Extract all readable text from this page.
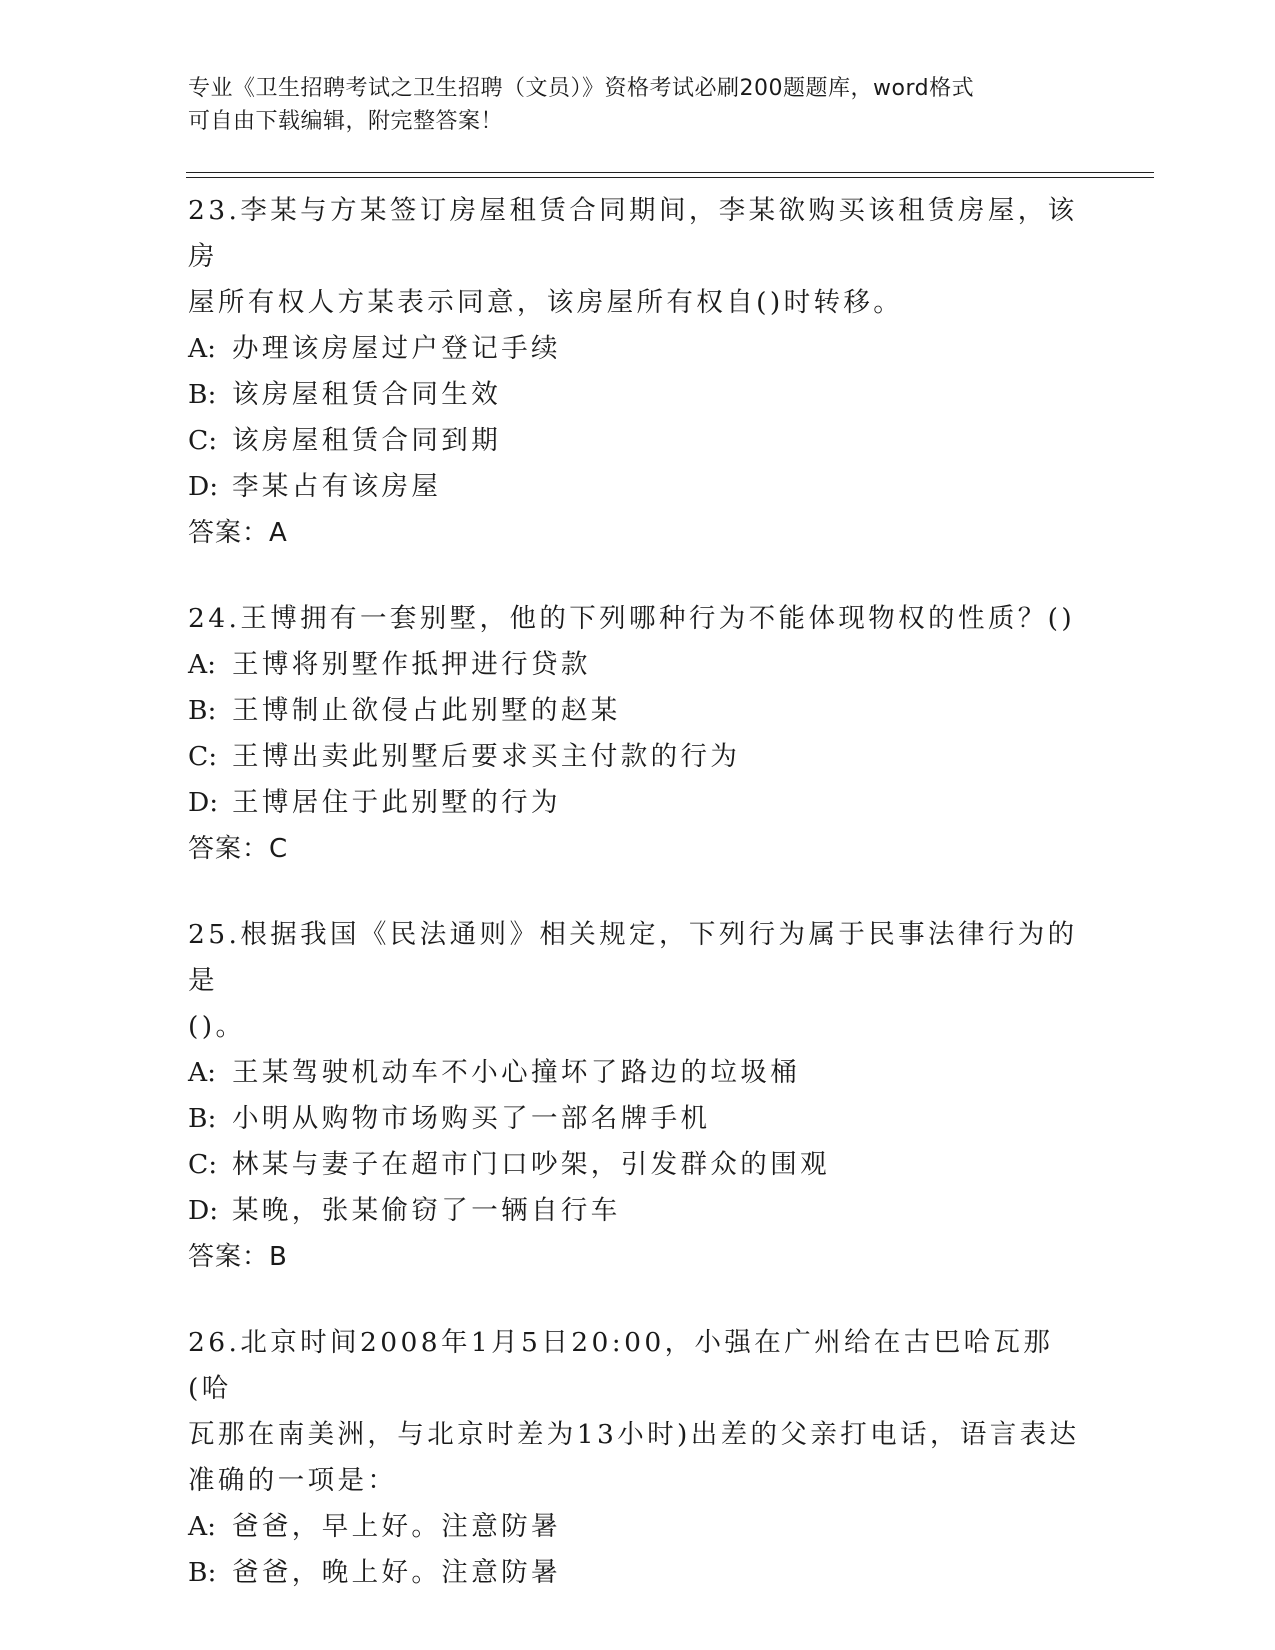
专业《卫生招聘考试之卫生招聘（文员）》资格考试必刷200题题库，word格式
可自由下载编辑，附完整答案！
23.李某与方某签订房屋租赁合同期间，李某欲购买该租赁房屋，该房
屋所有权人方某表示同意，该房屋所有权自()时转移。
A: 办理该房屋过户登记手续
B: 该房屋租赁合同生效
C: 该房屋租赁合同到期
D: 李某占有该房屋
答案：A
24.王博拥有一套别墅，他的下列哪种行为不能体现物权的性质？()
A: 王博将别墅作抵押进行贷款
B: 王博制止欲侵占此别墅的赵某
C: 王博出卖此别墅后要求买主付款的行为
D: 王博居住于此别墅的行为
答案：C
25.根据我国《民法通则》相关规定，下列行为属于民事法律行为的是
()。
A: 王某驾驶机动车不小心撞坏了路边的垃圾桶
B: 小明从购物市场购买了一部名牌手机
C: 林某与妻子在超市门口吵架，引发群众的围观
D: 某晚，张某偷窃了一辆自行车
答案：B
26.北京时间2008年1月5日20:00，小强在广州给在古巴哈瓦那(哈
瓦那在南美洲，与北京时差为13小时)出差的父亲打电话，语言表达
准确的一项是：
A: 爸爸，早上好。注意防暑
B: 爸爸，晚上好。注意防暑
